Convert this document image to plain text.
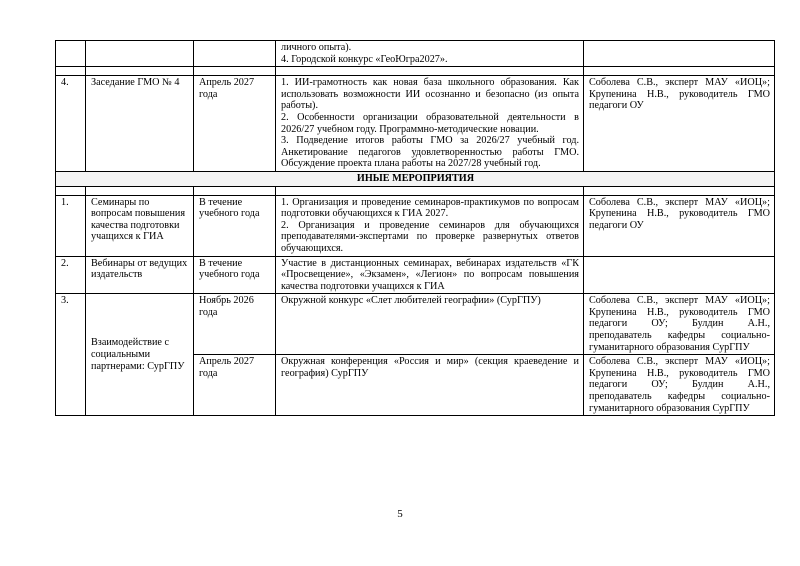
			личного опыта).

4. Городской конкурс «ГеоЮгра2027».	

4.	Заседание ГМО № 4	Апрель 2027 года	1. ИИ-грамотность как новая база школьного образования. Как использовать возможности ИИ осознанно и безопасно (из опыта работы).

2. Особенности организации образовательной деятельности в 2026/27 учебном году. Программно-методические новации.

3. Подведение итогов работы ГМО за 2026/27 учебный год. Анкетирование педагогов удовлетворенностью работы ГМО. Обсуждение проекта плана работы на 2027/28 учебный год.	Соболева С.В., эксперт МАУ «ИОЦ»; Крупенина Н.В., руководитель ГМО педагоги ОУ
ИНЫЕ МЕРОПРИЯТИЯ				

1.	Семинары по вопросам повышения качества подготовки учащихся к ГИА	В течение учебного года	1. Организация и проведение семинаров-практикумов по вопросам подготовки обучающихся к ГИА 2027.

2. Организация и проведение семинаров для обучающихся преподавателями-экспертами по проверке развернутых ответов обучающихся.	Соболева С.В., эксперт МАУ «ИОЦ»; Крупенина Н.В., руководитель ГМО педагоги ОУ
2.	Вебинары от ведущих издательств	В течение учебного года	Участие в дистанционных семинарах, вебинарах издательств «ГК «Просвещение», «Экзамен», «Легион» по вопросам повышения качества подготовки учащихся к ГИА	
3.	Взаимодействие с социальными партнерами: СурГПУ	Ноябрь 2026 года	Окружной конкурс «Слет любителей географии» (СурГПУ)	Соболева С.В., эксперт МАУ «ИОЦ»; Крупенина Н.В., руководитель ГМО педагоги ОУ; Булдин А.Н., преподаватель кафедры социально-гуманитарного образования СурГПУ
		Апрель 2027 года	Окружная конференция «Россия и мир» (секция краеведение и география) СурГПУ	Соболева С.В., эксперт МАУ «ИОЦ»; Крупенина Н.В., руководитель ГМО педагоги ОУ; Булдин А.Н., преподаватель кафедры социально-гуманитарного образования СурГПУ
5
